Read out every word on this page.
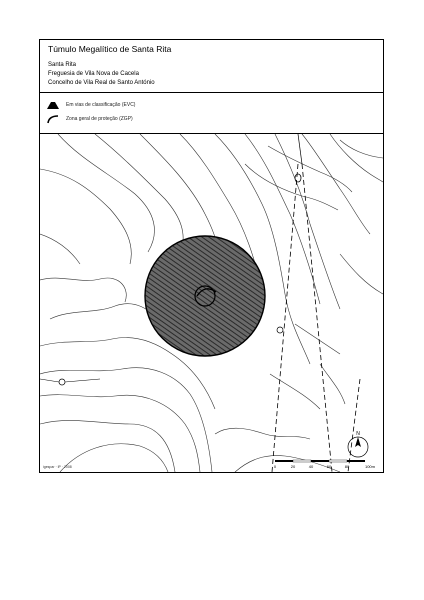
Túmulo Megalítico de Santa Rita
Santa Rita
Freguesia de Vila Nova de Cacela
Concelho de Vila Real de Santo António
Em vias de classificação (EVC)
Zona geral de proteção (ZGP)
N
0	20	40	60	80	100m
igespar · IP · 2008
